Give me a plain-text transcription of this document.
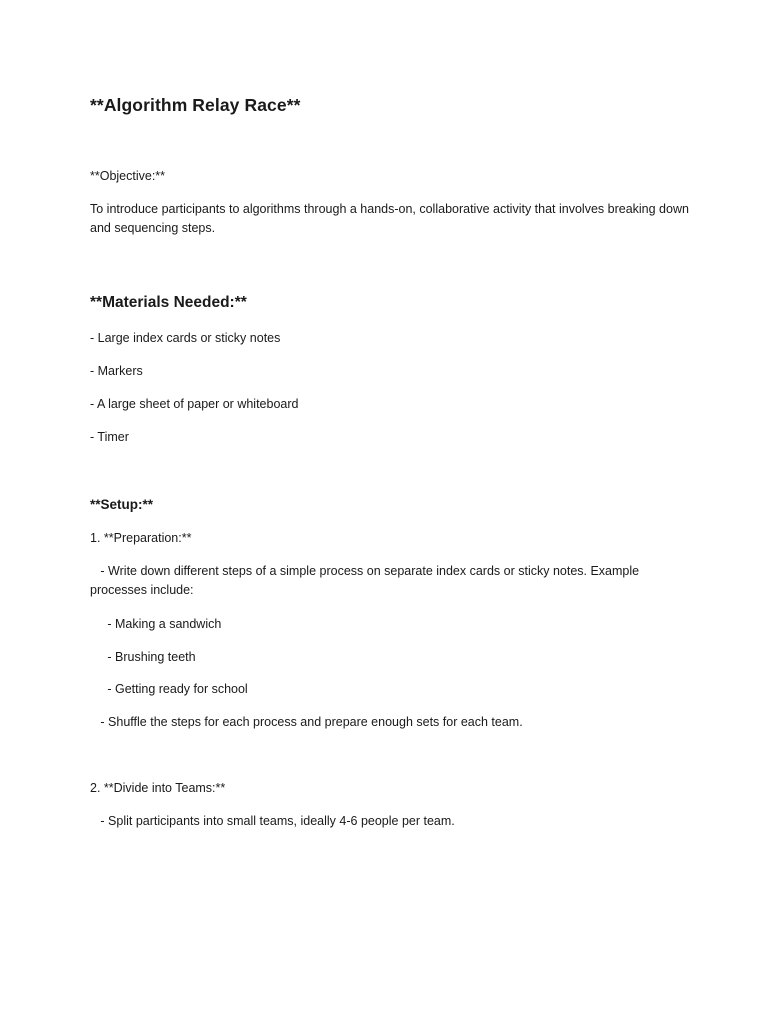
**Algorithm Relay Race**
**Objective:**
To introduce participants to algorithms through a hands-on, collaborative activity that involves breaking down and sequencing steps.
**Materials Needed:**
- Large index cards or sticky notes
- Markers
- A large sheet of paper or whiteboard
- Timer
**Setup:**
1. **Preparation:**
- Write down different steps of a simple process on separate index cards or sticky notes. Example processes include:
- Making a sandwich
- Brushing teeth
- Getting ready for school
- Shuffle the steps for each process and prepare enough sets for each team.
2. **Divide into Teams:**
- Split participants into small teams, ideally 4-6 people per team.
